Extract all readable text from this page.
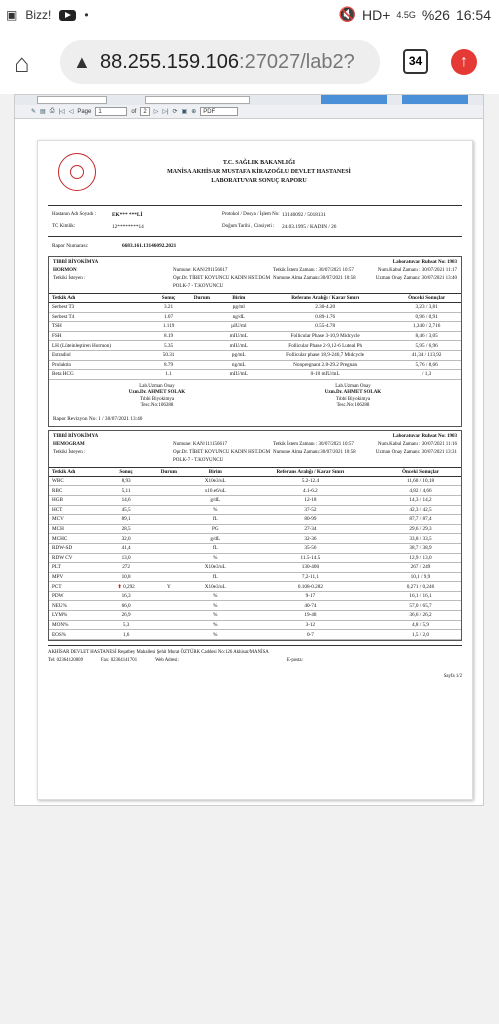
▣ Bizz!	•	🔇 HD+ 4.5G %26 16:54
⌂	▲ 88.255.159.106:27027/lab2?	34	↑
✎ ▤ ⎙ |◁ ◁ Page	1	of	2	▷ ▷| ⟳ ▣ ⊕	PDF
T.C. SAĞLIK BAKANLIĞI
MANİSA AKHİSAR MUSTAFA KİRAZOĞLU DEVLET HASTANESİ
LABORATUVAR SONUÇ RAPORU
Hastanın Adı Soyadı :	EK*** ***Lİ	Protokol / Dosya / İşlem No: 13146092 / 5018131
TC Kimlik:	12********14	Doğum Tarihi , Cinsiyeti :	24.03.1995 / KADIN / 26
Rapor Numarası:	6683.161.13146092.2021
TIBBİ BİYOKİMYA	Laboratuvar Ruhsat No: 1903
HORMON	Numune: KAN/291156617	Tetkik İstem Zamanı : 30/07/2021 10:57	Num.Kabul Zamanı : 30/07/2021 11:17
Tetkiki İsteyen :	Opr.Dr. TİBET KOYUNCU KADIN HST.DGM POLK-7 - T.KOYUNCU
Numune Alma Zamanı:30/07/2021 10:58	Uzman Onay Zamanı: 30/07/2021 13:40
Tetkik Adı	Sonuç	Durum	Birim	Referans Aralığı / Karar Sınırı	Önceki Sonuçlar
Serbest T3	3.21		pg/ml	2.30-4.20	3,23 / 3,81
Serbest T4	1.07		ng/dL	0.89-1.76	0,96 / 0,91
TSH	1.119		µIU/ml	0.55-4.78	1,340 / 2,716
FSH	8.19		mIU/mL	Follicular Phase 3-10,9 Midcycle	8,46 / 3,05
LH (Lüteinleştiren Hormon)	5.35		mIU/mL	Follicular Phase 2-9,12-6 Luteal Ph	5,95 / 6,96
Estradiol	50.31		pg/mL	Follicular phase 18,9-246,7 Midcycle	41,34 / 113,92
Prolaktin	8.79		ng/mL	Nonpregnant 2.8-29.2 Pregnan	5,76 / 8,66
Beta HCG	1.1		mIU/mL	0-10 mIU/mL	/ 1,3
Lab.Uzman Onay
Uzm.Dr. AHMET SOLAK
Tıbbi Biyokimya
Tesc.No:106288
Lab.Uzman Onay
Uzm.Dr. AHMET SOLAK
Tıbbi Biyokimya
Tesc.No:106288
Rapor Revizyon No: 1 / 30/07/2021 13:40
TIBBİ BİYOKİMYA	Laboratuvar Ruhsat No: 1903
HEMOGRAM	Numune: KAN/111156617	Tetkik İstem Zamanı : 30/07/2021 10:57	Num.Kabul Zamanı : 30/07/2021 11:16
Tetkiki İsteyen :	Opr.Dr. TİBET KOYUNCU KADIN HST.DGM POLK-7 - T.KOYUNCU
Numune Alma Zamanı:30/07/2021 10:58	Uzman Onay Zamanı: 30/07/2021 13:31
Tetkik Adı	Sonuç	Durum	Birim	Referans Aralığı / Karar Sınırı	Önceki Sonuçlar
WBC	8,93		X10e3/uL	5.2-12.4	11,60 / 10,18
RBC	5,11		x10.e6/uL	4.1-6.2	4,82 / 4,66
HGB	14,6		g/dL	12-18	14,3 / 14,2
HCT	45,5		%	37-52	42,3 / 42,5
MCV	89,1		fL	80-99	87,7 / 87,4
MCH	28,5		PG	27-34	29,6 / 29,3
MCHC	32,0		g/dL	32-36	33,8 / 33,5
RDW-SD	41,4		fL	35-56	38,7 / 38,9
RDW CV	13,0		%	11.5-14.5	12,9 / 13,0
PLT	272		X10e3/uL	130-400	267 / 249
MPV	10,8		fL	7,2-11,1	10,1 / 9,9
PCT	⬆ 0,292	Y	X10e3/uL	0.108-0.282	0,271 / 0,246
PDW	16,3		%	9-17	16,1 / 16,1
NEU%	66,0		%	40-74	57,0 / 65,7
LYM%	26,9		%	19-48	36,6 / 26,2
MON%	5,3		%	3-12	4,8 / 5,9
EOS%	1,6		%	0-7	1,5 / 2,0
AKHİSAR DEVLET HASTANESİ Reşatbey Mahallesi Şehit Murat ÖZTÜRK Caddesi No:126 Akhisar/MANİSA
Tel: 02364120009	Fax: 02364141701	Web Adresi:	E-posta:
Sayfa 1/2
